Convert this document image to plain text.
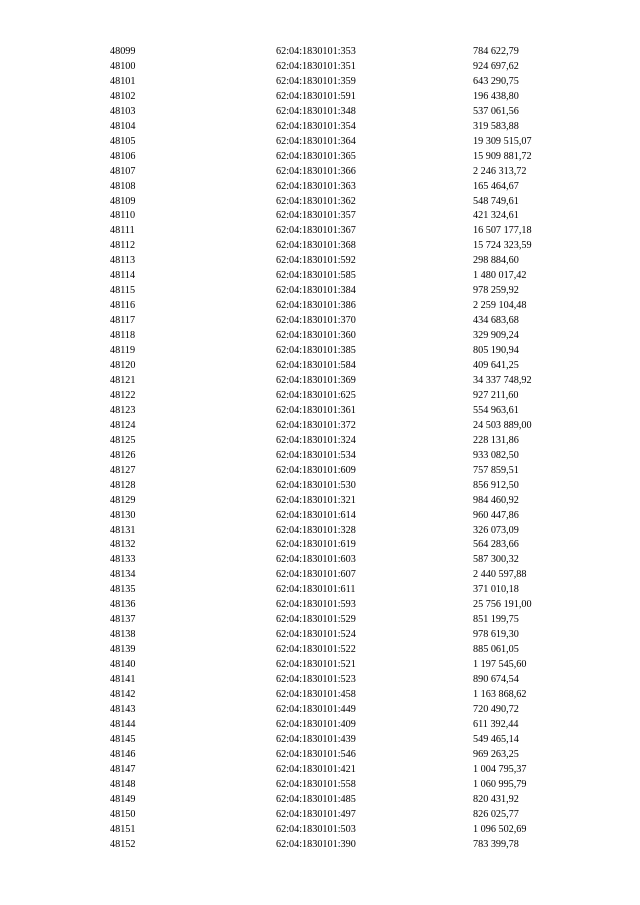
48099	62:04:1830101:353	784 622,79
48100	62:04:1830101:351	924 697,62
48101	62:04:1830101:359	643 290,75
48102	62:04:1830101:591	196 438,80
48103	62:04:1830101:348	537 061,56
48104	62:04:1830101:354	319 583,88
48105	62:04:1830101:364	19 309 515,07
48106	62:04:1830101:365	15 909 881,72
48107	62:04:1830101:366	2 246 313,72
48108	62:04:1830101:363	165 464,67
48109	62:04:1830101:362	548 749,61
48110	62:04:1830101:357	421 324,61
48111	62:04:1830101:367	16 507 177,18
48112	62:04:1830101:368	15 724 323,59
48113	62:04:1830101:592	298 884,60
48114	62:04:1830101:585	1 480 017,42
48115	62:04:1830101:384	978 259,92
48116	62:04:1830101:386	2 259 104,48
48117	62:04:1830101:370	434 683,68
48118	62:04:1830101:360	329 909,24
48119	62:04:1830101:385	805 190,94
48120	62:04:1830101:584	409 641,25
48121	62:04:1830101:369	34 337 748,92
48122	62:04:1830101:625	927 211,60
48123	62:04:1830101:361	554 963,61
48124	62:04:1830101:372	24 503 889,00
48125	62:04:1830101:324	228 131,86
48126	62:04:1830101:534	933 082,50
48127	62:04:1830101:609	757 859,51
48128	62:04:1830101:530	856 912,50
48129	62:04:1830101:321	984 460,92
48130	62:04:1830101:614	960 447,86
48131	62:04:1830101:328	326 073,09
48132	62:04:1830101:619	564 283,66
48133	62:04:1830101:603	587 300,32
48134	62:04:1830101:607	2 440 597,88
48135	62:04:1830101:611	371 010,18
48136	62:04:1830101:593	25 756 191,00
48137	62:04:1830101:529	851 199,75
48138	62:04:1830101:524	978 619,30
48139	62:04:1830101:522	885 061,05
48140	62:04:1830101:521	1 197 545,60
48141	62:04:1830101:523	890 674,54
48142	62:04:1830101:458	1 163 868,62
48143	62:04:1830101:449	720 490,72
48144	62:04:1830101:409	611 392,44
48145	62:04:1830101:439	549 465,14
48146	62:04:1830101:546	969 263,25
48147	62:04:1830101:421	1 004 795,37
48148	62:04:1830101:558	1 060 995,79
48149	62:04:1830101:485	820 431,92
48150	62:04:1830101:497	826 025,77
48151	62:04:1830101:503	1 096 502,69
48152	62:04:1830101:390	783 399,78
